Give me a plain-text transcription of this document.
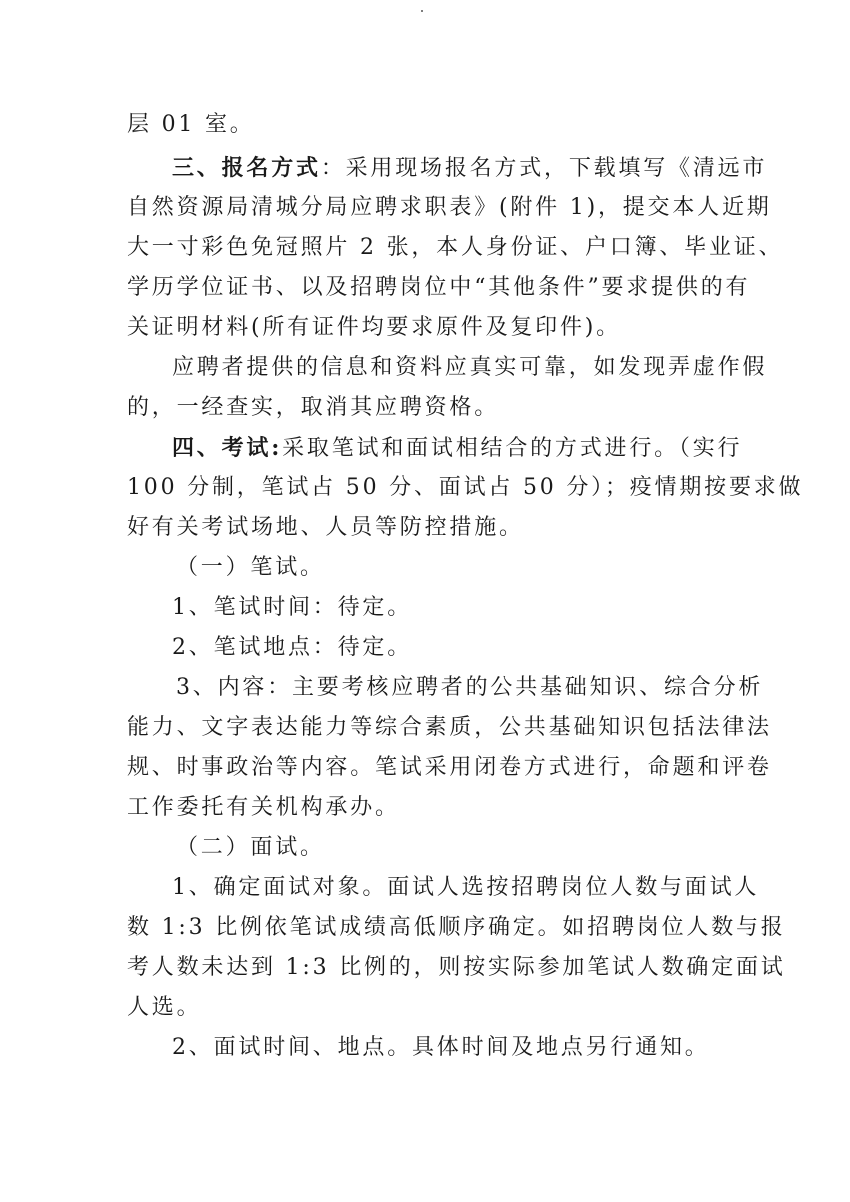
层 01 室。
三、报名方式：采用现场报名方式，下载填写《清远市
自然资源局清城分局应聘求职表》(附件 1)，提交本人近期
大一寸彩色免冠照片 2 张，本人身份证、户口簿、毕业证、
学历学位证书、以及招聘岗位中“其他条件”要求提供的有
关证明材料(所有证件均要求原件及复印件)。
应聘者提供的信息和资料应真实可靠，如发现弄虚作假
的，一经查实，取消其应聘资格。
四、考试:采取笔试和面试相结合的方式进行。（实行
100 分制，笔试占 50 分、面试占 50 分）；疫情期按要求做
好有关考试场地、人员等防控措施。
（一）笔试。
1、笔试时间：待定。
2、笔试地点：待定。
3、内容：主要考核应聘者的公共基础知识、综合分析
能力、文字表达能力等综合素质，公共基础知识包括法律法
规、时事政治等内容。笔试采用闭卷方式进行，命题和评卷
工作委托有关机构承办。
（二）面试。
1、确定面试对象。面试人选按招聘岗位人数与面试人
数 1:3 比例依笔试成绩高低顺序确定。如招聘岗位人数与报
考人数未达到 1:3 比例的，则按实际参加笔试人数确定面试
人选。
2、面试时间、地点。具体时间及地点另行通知。
